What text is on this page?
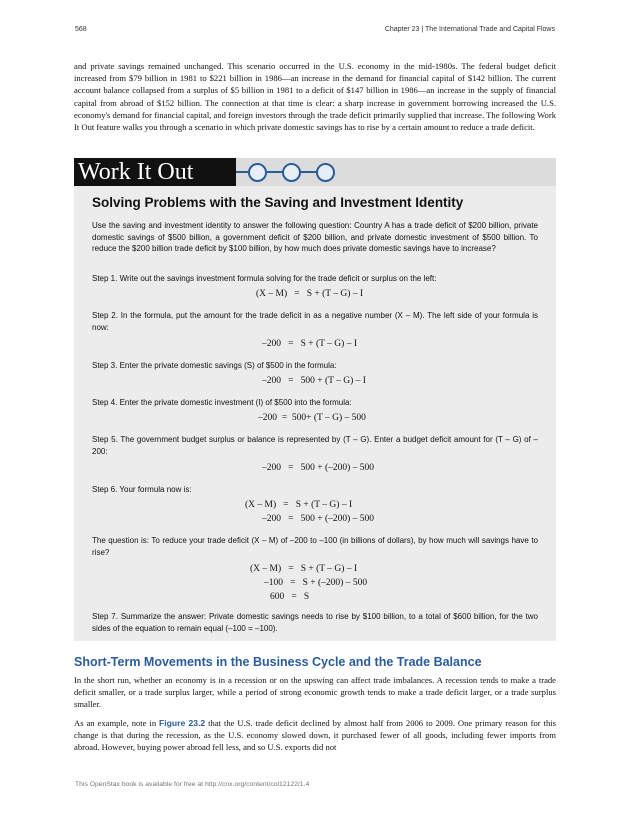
568	Chapter 23 | The International Trade and Capital Flows
and private savings remained unchanged. This scenario occurred in the U.S. economy in the mid-1980s. The federal budget deficit increased from $79 billion in 1981 to $221 billion in 1986—an increase in the demand for financial capital of $142 billion. The current account balance collapsed from a surplus of $5 billion in 1981 to a deficit of $147 billion in 1986—an increase in the supply of financial capital from abroad of $152 billion. The connection at that time is clear: a sharp increase in government borrowing increased the U.S. economy's demand for financial capital, and foreign investors through the trade deficit primarily supplied that increase. The following Work It Out feature walks you through a scenario in which private domestic savings has to rise by a certain amount to reduce a trade deficit.
Work It Out
Solving Problems with the Saving and Investment Identity
Use the saving and investment identity to answer the following question: Country A has a trade deficit of $200 billion, private domestic savings of $500 billion, a government deficit of $200 billion, and private domestic investment of $500 billion. To reduce the $200 billion trade deficit by $100 billion, by how much does private domestic savings have to increase?
Step 1. Write out the savings investment formula solving for the trade deficit or surplus on the left:
(X – M)   =   S + (T – G) – I
Step 2. In the formula, put the amount for the trade deficit in as a negative number (X – M). The left side of your formula is now:
–200   =   S + (T – G) – I
Step 3. Enter the private domestic savings (S) of $500 in the formula:
–200   =   500 + (T – G) – I
Step 4. Enter the private domestic investment (I) of $500 into the formula:
–200  =  500+ (T – G) – 500
Step 5. The government budget surplus or balance is represented by (T – G). Enter a budget deficit amount for (T – G) of –200:
–200   =   500 + (–200) – 500
Step 6. Your formula now is:
(X – M)   =   S + (T – G) – I
–200   =   500 + (–200) – 500
The question is: To reduce your trade deficit (X – M) of –200 to –100 (in billions of dollars), by how much will savings have to rise?
(X – M)   =   S + (T – G) – I
–100   =   S + (–200) – 500
600   =   S
Step 7. Summarize the answer: Private domestic savings needs to rise by $100 billion, to a total of $600 billion, for the two sides of the equation to remain equal (–100 = –100).
Short-Term Movements in the Business Cycle and the Trade Balance
In the short run, whether an economy is in a recession or on the upswing can affect trade imbalances. A recession tends to make a trade deficit smaller, or a trade surplus larger, while a period of strong economic growth tends to make a trade deficit larger, or a trade surplus smaller.
As an example, note in Figure 23.2 that the U.S. trade deficit declined by almost half from 2006 to 2009. One primary reason for this change is that during the recession, as the U.S. economy slowed down, it purchased fewer of all goods, including fewer imports from abroad. However, buying power abroad fell less, and so U.S. exports did not
This OpenStax book is available for free at http://cnx.org/content/col12122/1.4
